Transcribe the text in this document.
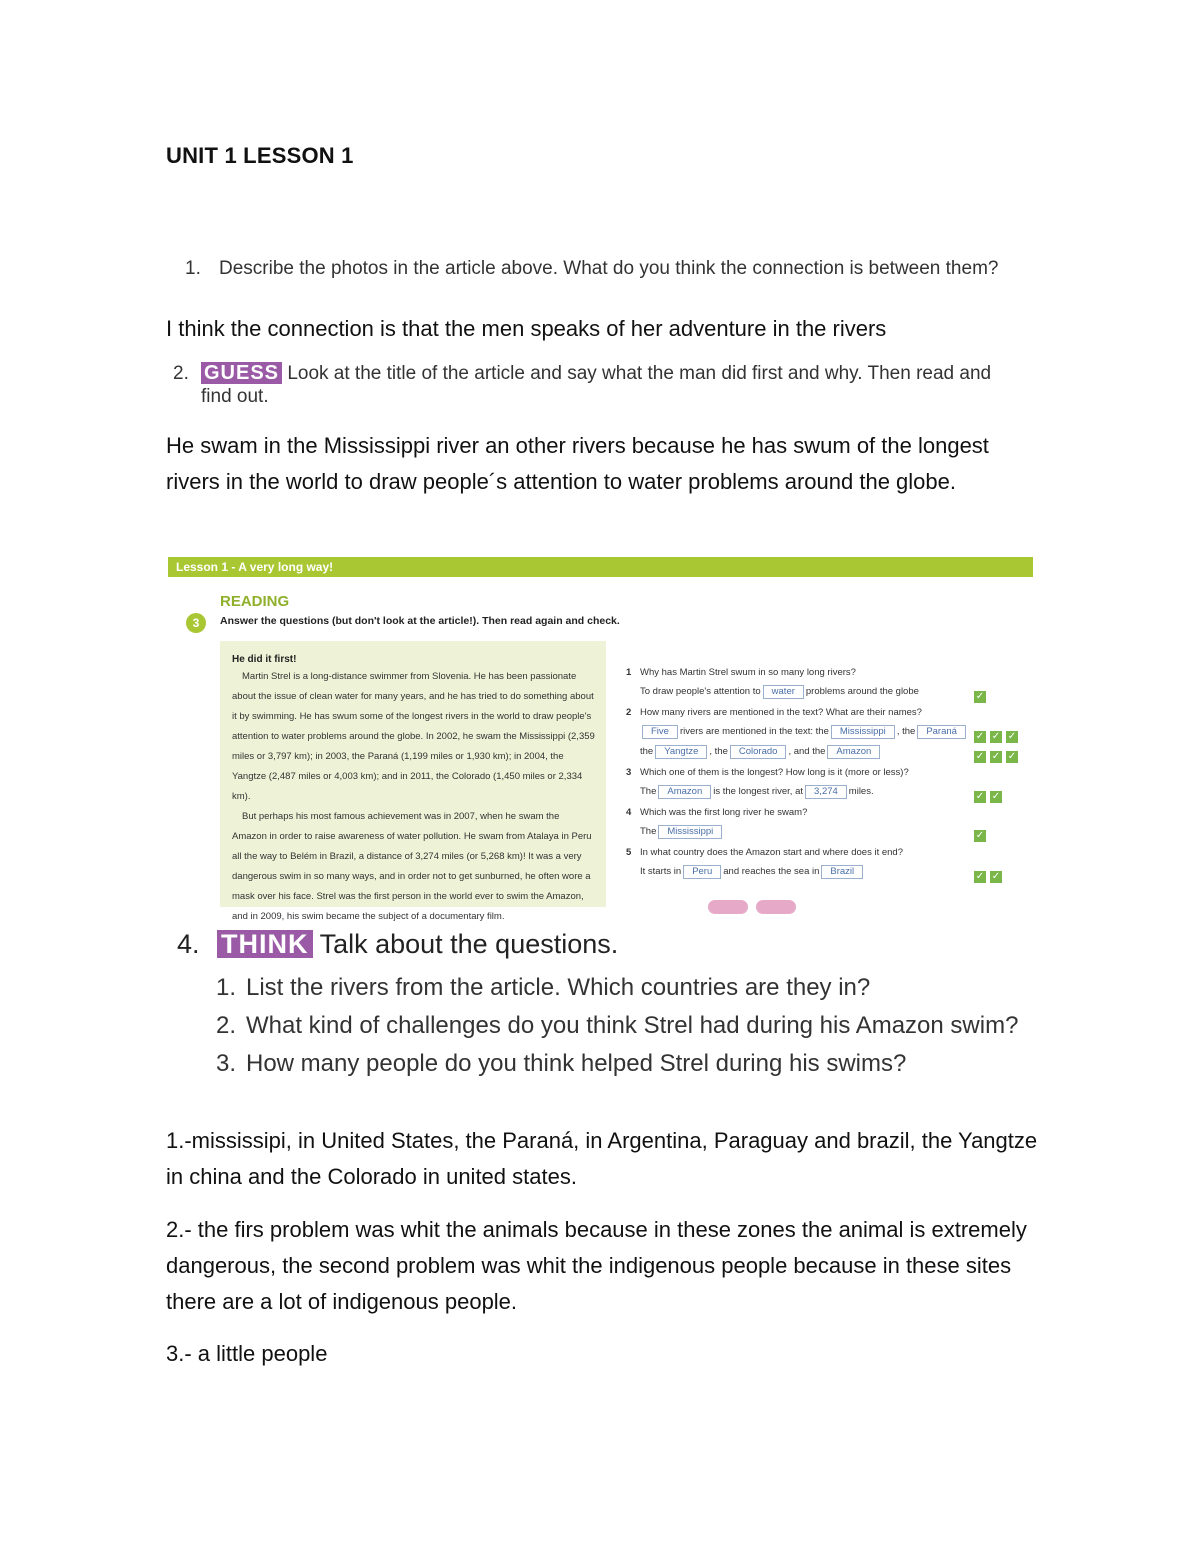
UNIT 1 LESSON 1
1. Describe the photos in the article above. What do you think the connection is between them?
I think the connection is that the men speaks of her adventure in the rivers
2. GUESS Look at the title of the article and say what the man did first and why. Then read and
find out.
He swam in the Mississippi river an other rivers because he has swum of the longest rivers in the world to draw people´s attention to water problems around the globe.
Lesson 1 - A very long way!
READING
3	Answer the questions (but don't look at the article!). Then read again and check.
He did it first!

Martin Strel is a long-distance swimmer from Slovenia. He has been passionate about the issue of clean water for many years, and he has tried to do something about it by swimming. He has swum some of the longest rivers in the world to draw people's attention to water problems around the globe. In 2002, he swam the Mississippi (2,359 miles or 3,797 km); in 2003, the Paraná (1,199 miles or 1,930 km); in 2004, the Yangtze (2,487 miles or 4,003 km); and in 2011, the Colorado (1,450 miles or 2,334 km).

But perhaps his most famous achievement was in 2007, when he swam the Amazon in order to raise awareness of water pollution. He swam from Atalaya in Peru all the way to Belém in Brazil, a distance of 3,274 miles (or 5,268 km)! It was a very dangerous swim in so many ways, and in order not to get sunburned, he often wore a mask over his face. Strel was the first person in the world ever to swim the Amazon, and in 2009, his swim became the subject of a documentary film.

1 Why has Martin Strel swum in so many long rivers?
To draw people's attention to water problems around the globe
2 How many rivers are mentioned in the text? What are their names?
Five rivers are mentioned in the text: the Mississippi , the Paraná
the Yangtze , the Colorado , and the Amazon
3 Which one of them is the longest? How long is it (more or less)?
The Amazon is the longest river, at 3,274 miles.
4 Which was the first long river he swam?
The Mississippi
5 In what country does the Amazon start and where does it end?
It starts in Peru and reaches the sea in Brazil
✓
✓ ✓ ✓
✓ ✓ ✓
✓ ✓
✓
✓ ✓
4. THINK Talk about the questions.
1. List the rivers from the article. Which countries are they in?
2. What kind of challenges do you think Strel had during his Amazon swim?
3. How many people do you think helped Strel during his swims?
1.-mississipi, in United States, the Paraná, in Argentina, Paraguay and brazil, the Yangtze in china and the Colorado in united states.
2.- the firs problem was whit the animals because in these zones the animal is extremely dangerous, the second problem was whit the indigenous people because in these sites there are a lot of indigenous people.
3.- a little people
